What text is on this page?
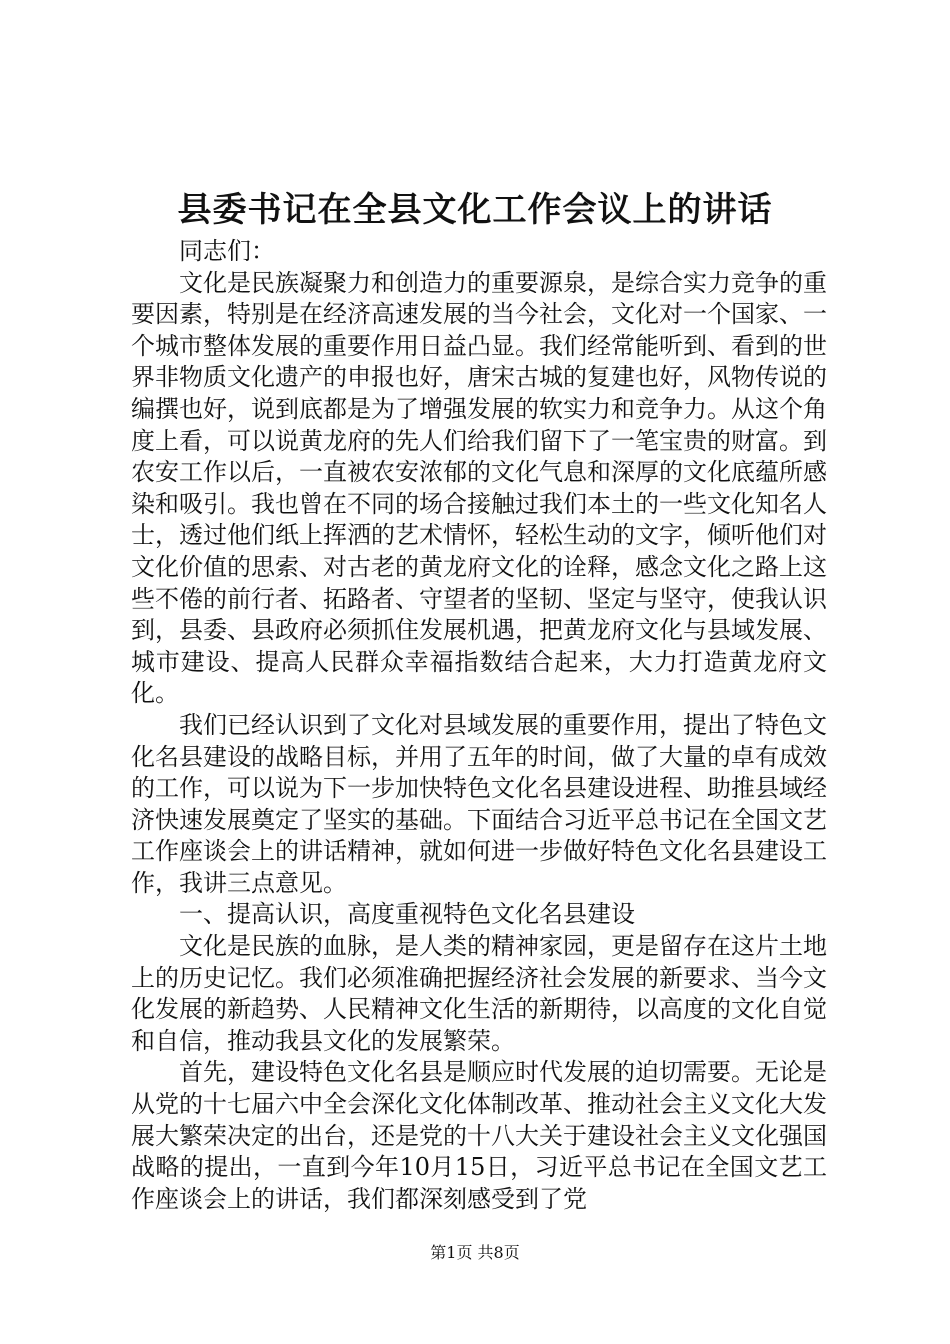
县委书记在全县文化工作会议上的讲话

同志们：

文化是民族凝聚力和创造力的重要源泉，是综合实力竞争的重要因素，特别是在经济高速发展的当今社会，文化对一个国家、一个城市整体发展的重要作用日益凸显。我们经常能听到、看到的世界非物质文化遗产的申报也好，唐宋古城的复建也好，风物传说的编撰也好，说到底都是为了增强发展的软实力和竞争力。从这个角度上看，可以说黄龙府的先人们给我们留下了一笔宝贵的财富。到农安工作以后，一直被农安浓郁的文化气息和深厚的文化底蕴所感染和吸引。我也曾在不同的场合接触过我们本土的一些文化知名人士，透过他们纸上挥洒的艺术情怀，轻松生动的文字，倾听他们对文化价值的思索、对古老的黄龙府文化的诠释，感念文化之路上这些不倦的前行者、拓路者、守望者的坚韧、坚定与坚守，使我认识到，县委、县政府必须抓住发展机遇，把黄龙府文化与县域发展、城市建设、提高人民群众幸福指数结合起来，大力打造黄龙府文化。

我们已经认识到了文化对县域发展的重要作用，提出了特色文化名县建设的战略目标，并用了五年的时间，做了大量的卓有成效的工作，可以说为下一步加快特色文化名县建设进程、助推县域经济快速发展奠定了坚实的基础。下面结合习近平总书记在全国文艺工作座谈会上的讲话精神，就如何进一步做好特色文化名县建设工作，我讲三点意见。

一、提高认识，高度重视特色文化名县建设

文化是民族的血脉，是人类的精神家园，更是留存在这片土地上的历史记忆。我们必须准确把握经济社会发展的新要求、当今文化发展的新趋势、人民精神文化生活的新期待，以高度的文化自觉和自信，推动我县文化的发展繁荣。

首先，建设特色文化名县是顺应时代发展的迫切需要。无论是从党的十七届六中全会深化文化体制改革、推动社会主义文化大发展大繁荣决定的出台，还是党的十八大关于建设社会主义文化强国战略的提出，一直到今年10月15日，习近平总书记在全国文艺工作座谈会上的讲话，我们都深刻感受到了党

第1页 共8页
